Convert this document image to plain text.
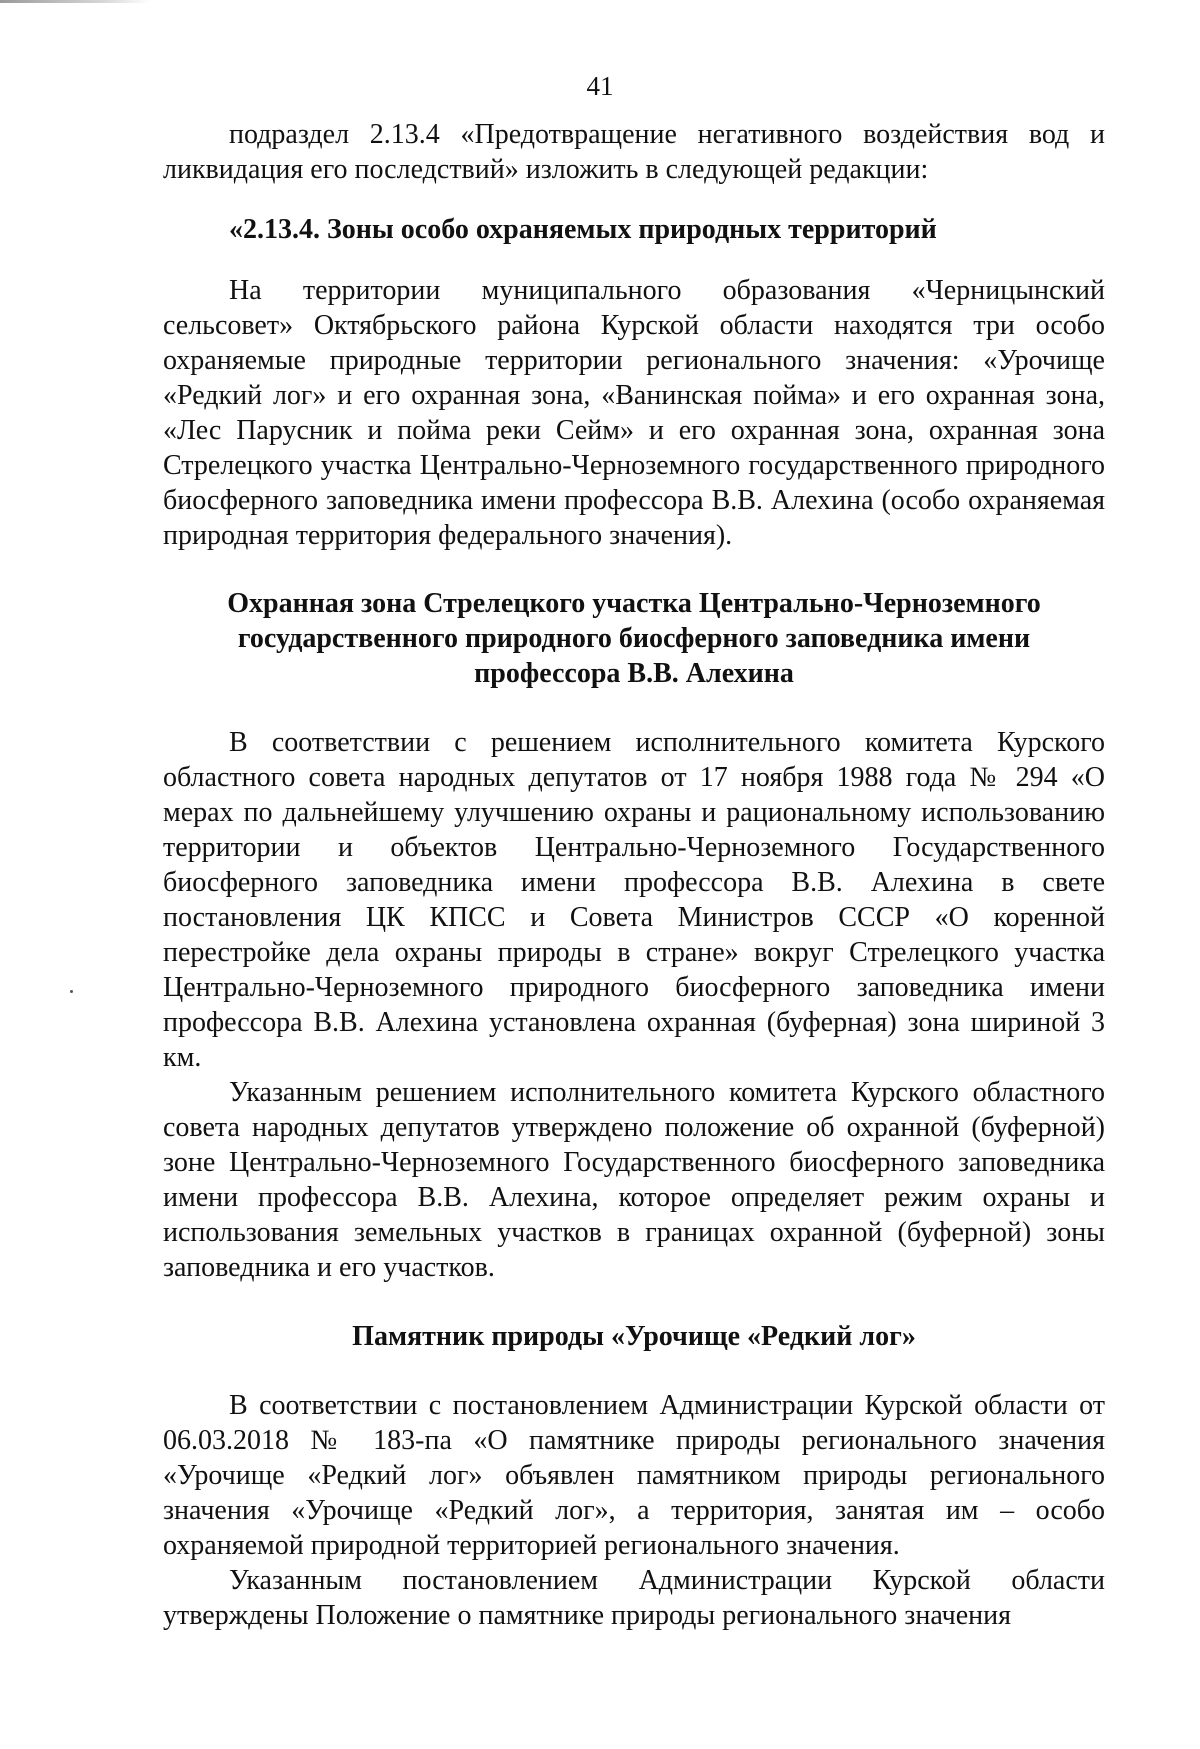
41

подраздел 2.13.4 «Предотвращение негативного воздействия вод и ликвидация его последствий» изложить в следующей редакции:

«2.13.4. Зоны особо охраняемых природных территорий

На территории муниципального образования «Черницынский сельсовет» Октябрьского района Курской области находятся три особо охраняемые природные территории регионального значения: «Урочище «Редкий лог» и его охранная зона, «Ванинская пойма» и его охранная зона, «Лес Парусник и пойма реки Сейм» и его охранная зона, охранная зона Стрелецкого участка Центрально-Черноземного государственного природного биосферного заповедника имени профессора В.В. Алехина (особо охраняемая природная территория федерального значения).

Охранная зона Стрелецкого участка Центрально-Черноземного
государственного природного биосферного заповедника имени
профессора В.В. Алехина

В соответствии с решением исполнительного комитета Курского областного совета народных депутатов от 17 ноября 1988 года № 294 «О мерах по дальнейшему улучшению охраны и рациональному использованию территории и объектов Центрально-Черноземного Государственного биосферного заповедника имени профессора В.В. Алехина в свете постановления ЦК КПСС и Совета Министров СССР «О коренной перестройке дела охраны природы в стране» вокруг Стрелецкого участка Центрально-Черноземного природного биосферного заповедника имени профессора В.В. Алехина установлена охранная (буферная) зона шириной 3 км.

Указанным решением исполнительного комитета Курского областного совета народных депутатов утверждено положение об охранной (буферной) зоне Центрально-Черноземного Государственного биосферного заповедника имени профессора В.В. Алехина, которое определяет режим охраны и использования земельных участков в границах охранной (буферной) зоны заповедника и его участков.

Памятник природы «Урочище «Редкий лог»

В соответствии с постановлением Администрации Курской области от 06.03.2018 № 183-па «О памятнике природы регионального значения «Урочище «Редкий лог» объявлен памятником природы регионального значения «Урочище «Редкий лог», а территория, занятая им – особо охраняемой природной территорией регионального значения.

Указанным постановлением Администрации Курской области утверждены Положение о памятнике природы регионального значения
